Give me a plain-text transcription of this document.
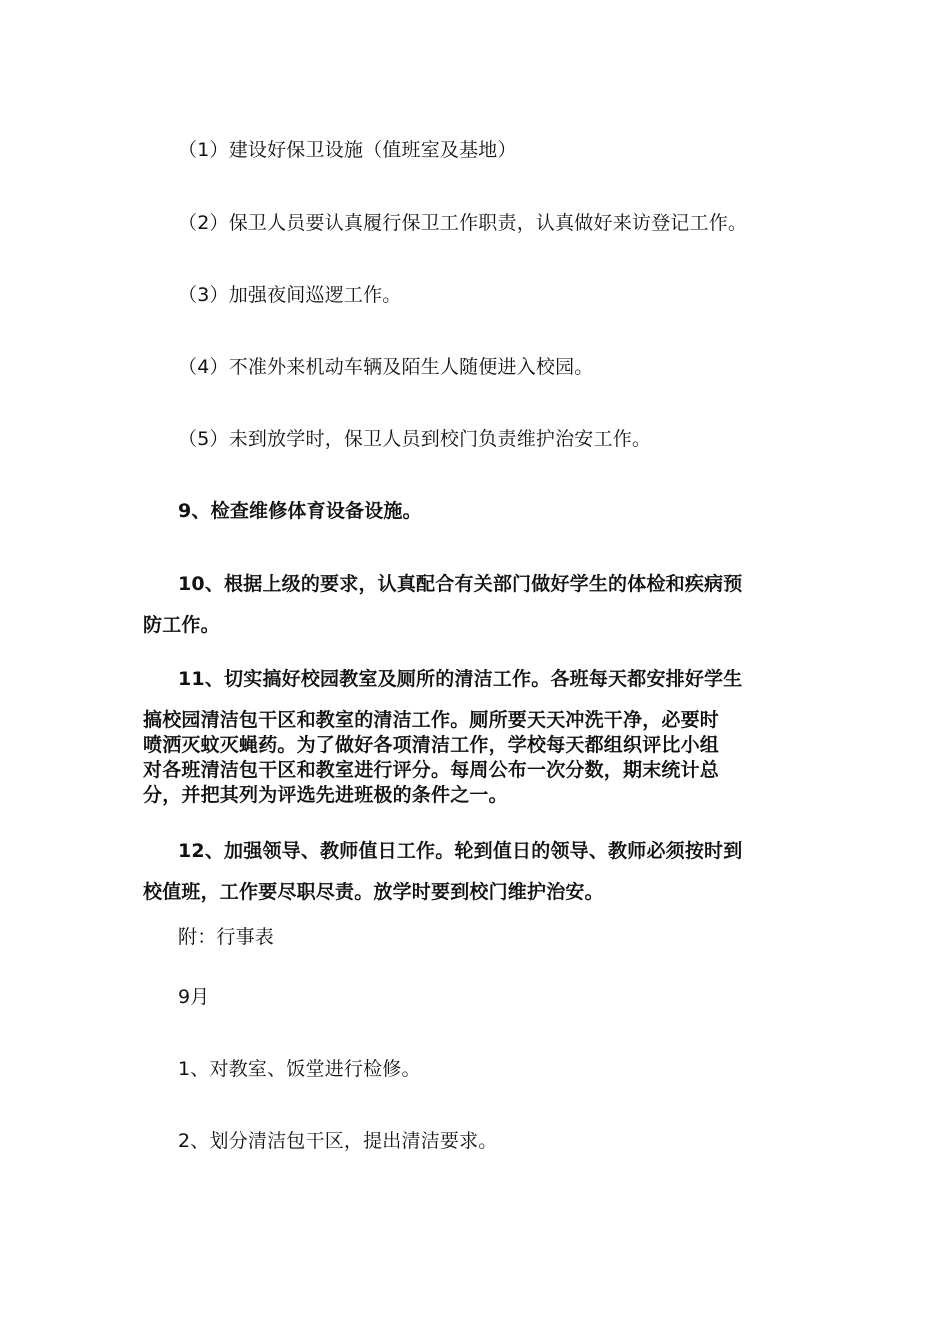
（1）建设好保卫设施（值班室及基地）
（2）保卫人员要认真履行保卫工作职责，认真做好来访登记工作。
（3）加强夜间巡逻工作。
（4）不准外来机动车辆及陌生人随便进入校园。
（5）未到放学时，保卫人员到校门负责维护治安工作。
9、检查维修体育设备设施。
10、根据上级的要求，认真配合有关部门做好学生的体检和疾病预
防工作。
11、切实搞好校园教室及厕所的清洁工作。各班每天都安排好学生
搞校园清洁包干区和教室的清洁工作。厕所要天天冲洗干净，必要时
喷洒灭蚊灭蝇药。为了做好各项清洁工作，学校每天都组织评比小组
对各班清洁包干区和教室进行评分。每周公布一次分数，期末统计总
分，并把其列为评选先进班极的条件之一。
12、加强领导、教师值日工作。轮到值日的领导、教师必须按时到
校值班，工作要尽职尽责。放学时要到校门维护治安。
附：行事表
9月
1、对教室、饭堂进行检修。
2、划分清洁包干区，提出清洁要求。
